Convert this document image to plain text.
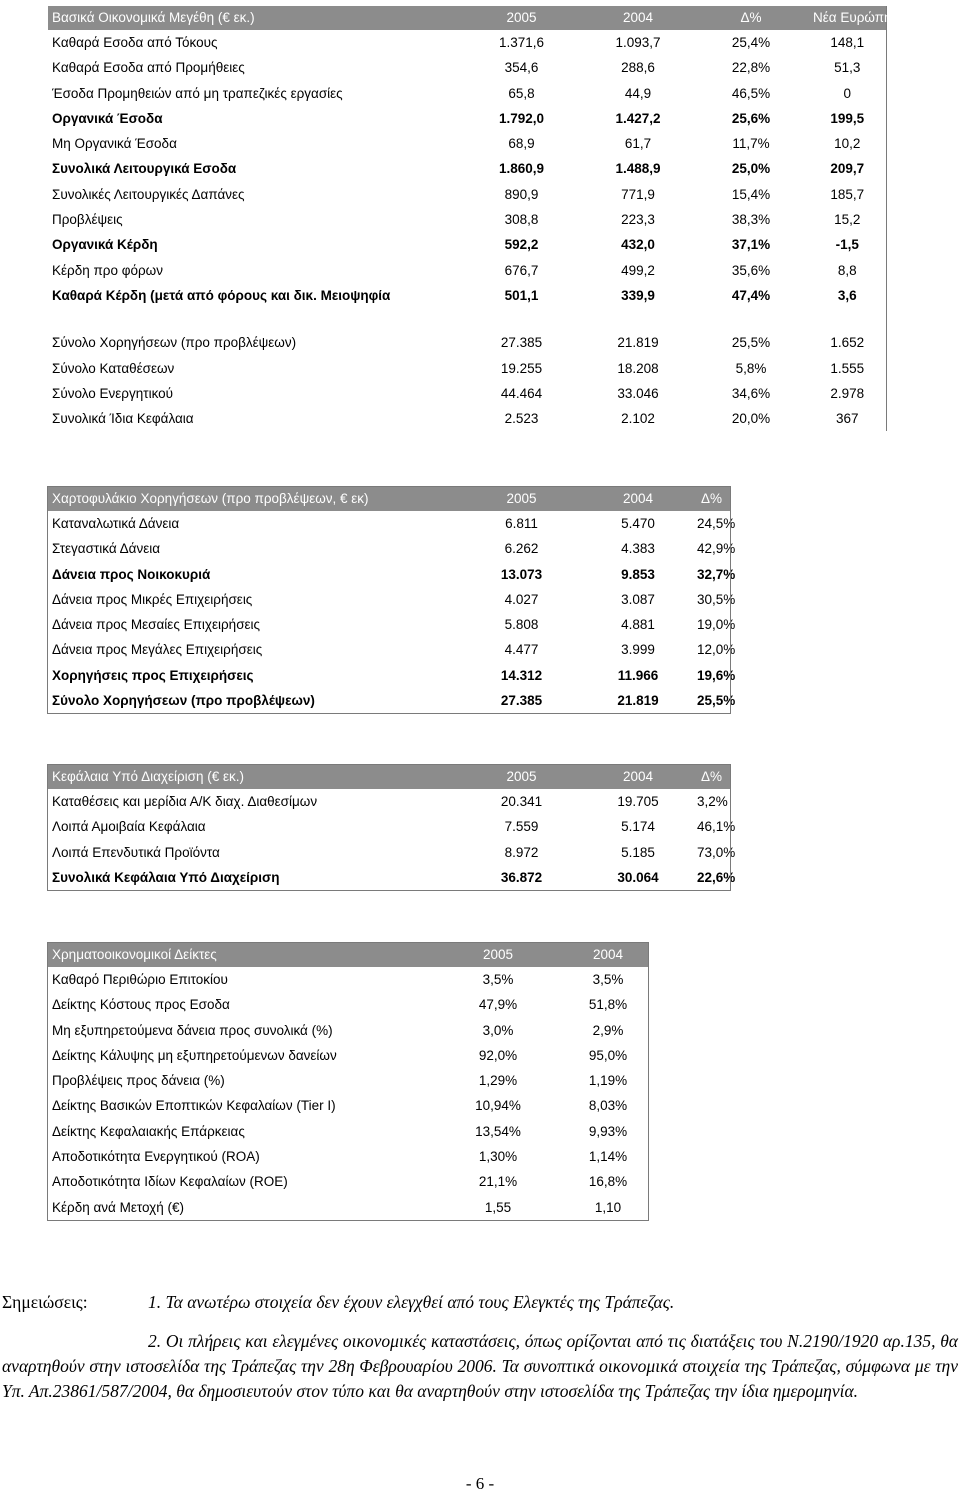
Βασικά Οικονομικά Μεγέθη (€ εκ.)	2005	2004	Δ%	Νέα Ευρώπη
Καθαρά Εσοδα από Τόκους	1.371,6	1.093,7	25,4%	148,1
Καθαρά Εσοδα από Προμήθειες	354,6	288,6	22,8%	51,3
Έσοδα Προμηθειών από μη τραπεζικές εργασίες	65,8	44,9	46,5%	0
Οργανικά Έσοδα	1.792,0	1.427,2	25,6%	199,5
Μη Οργανικά Έσοδα	68,9	61,7	11,7%	10,2
Συνολικά Λειτουργικά Εσοδα	1.860,9	1.488,9	25,0%	209,7
Συνολικές Λειτουργικές Δαπάνες	890,9	771,9	15,4%	185,7
Προβλέψεις	308,8	223,3	38,3%	15,2
Οργανικά Κέρδη	592,2	432,0	37,1%	-1,5
Κέρδη προ φόρων	676,7	499,2	35,6%	8,8
Καθαρά Κέρδη (μετά από φόρους και δικ. Μειοψηφία	501,1	339,9	47,4%	3,6

Σύνολο Χορηγήσεων (προ προβλέψεων)	27.385	21.819	25,5%	1.652
Σύνολο Καταθέσεων	19.255	18.208	5,8%	1.555
Σύνολο Ενεργητικού	44.464	33.046	34,6%	2.978
Συνολικά Ίδια Κεφάλαια	2.523	2.102	20,0%	367
Χαρτοφυλάκιο Χορηγήσεων (προ προβλέψεων, € εκ)	2005	2004	Δ%
Καταναλωτικά Δάνεια	6.811	5.470	24,5%
Στεγαστικά Δάνεια	6.262	4.383	42,9%
Δάνεια προς Νοικοκυριά	13.073	9.853	32,7%
Δάνεια προς Μικρές Επιχειρήσεις	4.027	3.087	30,5%
Δάνεια προς Μεσαίες Επιχειρήσεις	5.808	4.881	19,0%
Δάνεια προς Μεγάλες Επιχειρήσεις	4.477	3.999	12,0%
Χορηγήσεις προς Επιχειρήσεις	14.312	11.966	19,6%
Σύνολο Χορηγήσεων (προ προβλέψεων)	27.385	21.819	25,5%
Κεφάλαια Υπό Διαχείριση (€ εκ.)	2005	2004	Δ%
Καταθέσεις και μερίδια Α/Κ διαχ. Διαθεσίμων	20.341	19.705	3,2%
Λοιπά Αμοιβαία Κεφάλαια	7.559	5.174	46,1%
Λοιπά Επενδυτικά Προϊόντα	8.972	5.185	73,0%
Συνολικά Κεφάλαια Υπό Διαχείριση	36.872	30.064	22,6%
Χρηματοοικονομικοί Δείκτες	2005	2004
Καθαρό Περιθώριο Επιτοκίου	3,5%	3,5%
Δείκτης Κόστους προς Εσοδα	47,9%	51,8%
Μη εξυπηρετούμενα δάνεια προς συνολικά (%)	3,0%	2,9%
Δείκτης Κάλυψης μη εξυπηρετούμενων δανείων	92,0%	95,0%
Προβλέψεις προς δάνεια (%)	1,29%	1,19%
Δείκτης Βασικών Εποπτικών Κεφαλαίων (Tier I)	10,94%	8,03%
Δείκτης Κεφαλαιακής Επάρκειας	13,54%	9,93%
Αποδοτικότητα Ενεργητικού (ROA)	1,30%	1,14%
Αποδοτικότητα Ιδίων Κεφαλαίων (ROE)	21,1%	16,8%
Κέρδη ανά Μετοχή (€)	1,55	1,10
Σημειώσεις:	1. Τα ανωτέρω στοιχεία δεν έχουν ελεγχθεί από τους Ελεγκτές της Τράπεζας.
2. Οι πλήρεις και ελεγμένες οικονομικές καταστάσεις, όπως ορίζονται από τις διατάξεις του Ν.2190/1920 αρ.135, θα αναρτηθούν στην ιστοσελίδα της Τράπεζας την 28η Φεβρουαρίου 2006. Τα συνοπτικά οικονομικά στοιχεία της Τράπεζας, σύμφωνα με την Υπ. Απ.23861/587/2004, θα δημοσιευτούν στον τύπο και θα αναρτηθούν στην ιστοσελίδα της Τράπεζας την ίδια ημερομηνία.
- 6 -
